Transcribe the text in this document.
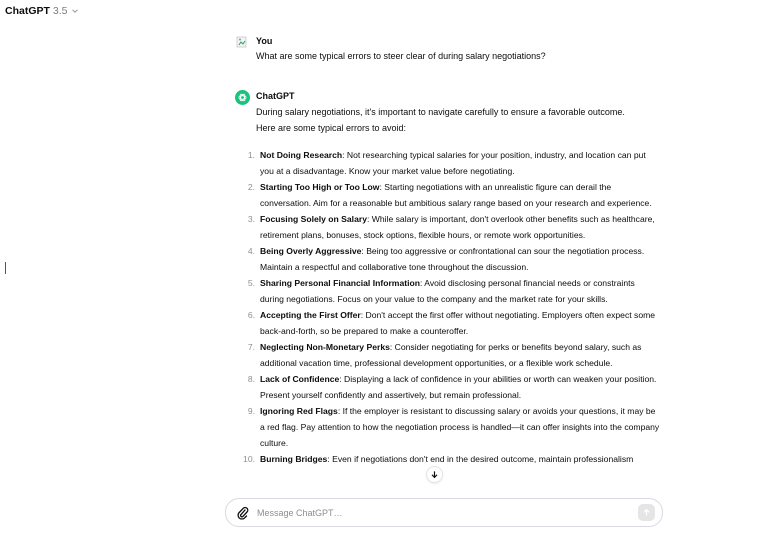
ChatGPT 3.5
You

What are some typical errors to steer clear of during salary negotiations?

ChatGPT
During salary negotiations, it's important to navigate carefully to ensure a favorable outcome.
Here are some typical errors to avoid:
1. Not Doing Research: Not researching typical salaries for your position, industry, and location can put you at a disadvantage. Know your market value before negotiating.
2. Starting Too High or Too Low: Starting negotiations with an unrealistic figure can derail the conversation. Aim for a reasonable but ambitious salary range based on your research and experience.
3. Focusing Solely on Salary: While salary is important, don't overlook other benefits such as healthcare, retirement plans, bonuses, stock options, flexible hours, or remote work opportunities.
4. Being Overly Aggressive: Being too aggressive or confrontational can sour the negotiation process. Maintain a respectful and collaborative tone throughout the discussion.
5. Sharing Personal Financial Information: Avoid disclosing personal financial needs or constraints during negotiations. Focus on your value to the company and the market rate for your skills.
6. Accepting the First Offer: Don't accept the first offer without negotiating. Employers often expect some back-and-forth, so be prepared to make a counteroffer.
7. Neglecting Non-Monetary Perks: Consider negotiating for perks or benefits beyond salary, such as additional vacation time, professional development opportunities, or a flexible work schedule.
8. Lack of Confidence: Displaying a lack of confidence in your abilities or worth can weaken your position. Present yourself confidently and assertively, but remain professional.
9. Ignoring Red Flags: If the employer is resistant to discussing salary or avoids your questions, it may be a red flag. Pay attention to how the negotiation process is handled—it can offer insights into the company culture.
10. Burning Bridges: Even if negotiations don't end in the desired outcome, maintain professionalism
Message ChatGPT…
